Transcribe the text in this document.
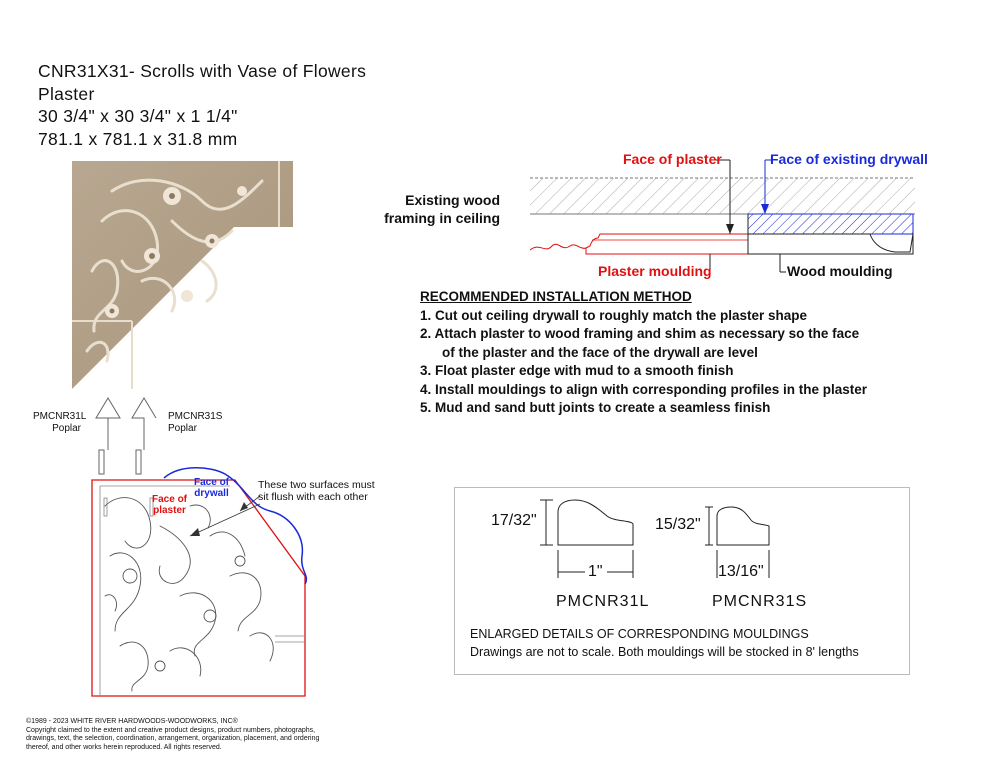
CNR31X31- Scrolls with Vase of Flowers
Plaster
30 3/4" x 30 3/4" x 1 1/4"
781.1 x 781.1 x 31.8 mm
PMCNR31L
Poplar
PMCNR31S
Poplar
Face of
drywall
Face of
plaster
These two surfaces must
sit flush with each other
Face of plaster	Face of existing drywall
Existing wood
framing in ceiling
Plaster moulding	Wood moulding
RECOMMENDED INSTALLATION METHOD
1. Cut out ceiling drywall to roughly match the plaster shape
2. Attach plaster to wood framing and shim as necessary so the face
of the plaster and the face of the drywall are level
3. Float plaster edge with mud to a smooth finish
4. Install mouldings to align with corresponding profiles in the plaster
5. Mud and sand butt joints to create a seamless finish
17/32"
1"
PMCNR31L
15/32"
13/16"
PMCNR31S
ENLARGED DETAILS OF CORRESPONDING MOULDINGS
Drawings are not to scale. Both mouldings will be stocked in 8' lengths
©1989 - 2023 WHITE RIVER HARDWOODS-WOODWORKS, INC®
Copyright claimed to the extent and creative product designs, product numbers, photographs,
drawings, text, the selection, coordination, arrangement, organization, placement, and ordering
thereof, and other works herein reproduced. All rights reserved.
